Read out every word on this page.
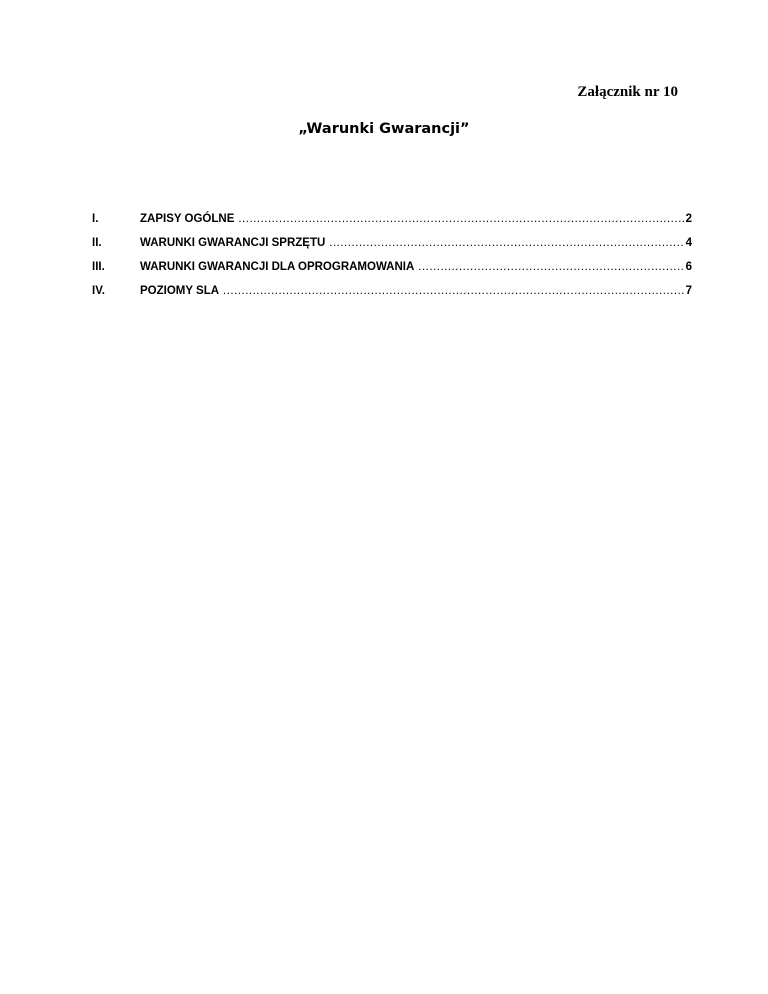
Załącznik nr 10
„Warunki Gwarancji”
I.	ZAPISY OGÓLNE .....	2
II.	WARUNKI GWARANCJI SPRZĘTU .....	4
III.	WARUNKI GWARANCJI DLA OPROGRAMOWANIA .....	6
IV.	POZIOMY SLA .....	7
